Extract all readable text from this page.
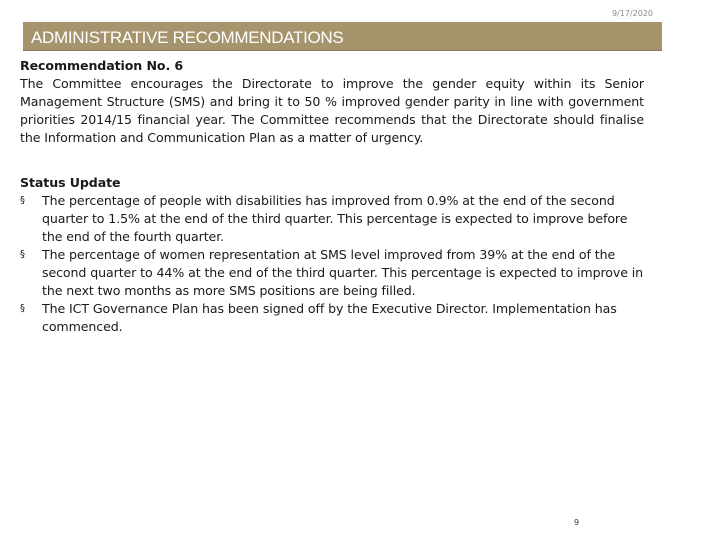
9/17/2020
ADMINISTRATIVE RECOMMENDATIONS

Recommendation No. 6

The Committee encourages the Directorate to improve the gender equity within its Senior Management Structure (SMS) and bring it to 50 % improved gender parity in line with government priorities 2014/15 financial year. The Committee recommends that the Directorate should finalise the Information and Communication Plan as a matter of urgency.

Status Update

§	The percentage of people with disabilities has improved from 0.9% at the end of the second quarter to 1.5% at the end of the third quarter. This percentage is expected to improve before the end of the fourth quarter.
§	The percentage of women representation at SMS level improved from 39% at the end of the second quarter to 44% at the end of the third quarter. This percentage is expected to improve in the next two months as more SMS positions are being filled.
§	The ICT Governance Plan has been signed off by the Executive Director. Implementation has commenced.
9
